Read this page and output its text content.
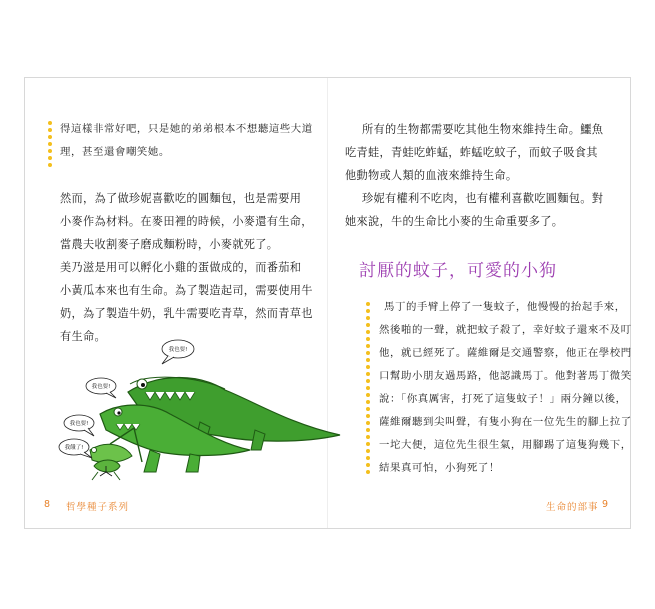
得這樣非常好吧，只是她的弟弟根本不想聽這些大道
理，甚至還會嘲笑她。
然而，為了做珍妮喜歡吃的圓麵包，也是需要用
小麥作為材料。在麥田裡的時候，小麥還有生命，
當農夫收割麥子磨成麵粉時，小麥就死了。
美乃滋是用可以孵化小雞的蛋做成的，而番茄和
小黃瓜本來也有生命。為了製造起司，需要使用牛
奶，為了製造牛奶，乳牛需要吃青草，然而青草也
有生命。
我也要!
我也要!
我也要!
我餓了!
8 哲學種子系列
所有的生物都需要吃其他生物來維持生命。鱷魚
吃青蛙，青蛙吃蚱蜢，蚱蜢吃蚊子，而蚊子吸食其
他動物或人類的血液來維持生命。
珍妮有權利不吃肉，也有權利喜歡吃圓麵包。對
她來說，牛的生命比小麥的生命重要多了。
討厭的蚊子，可愛的小狗
馬丁的手臂上停了一隻蚊子，他慢慢的抬起手來，
然後啪的一聲，就把蚊子殺了，幸好蚊子還來不及叮
他，就已經死了。薩維爾是交通警察，他正在學校門
口幫助小朋友過馬路，他認識馬丁。他對著馬丁微笑
說：「你真厲害，打死了這隻蚊子！」兩分鐘以後，
薩維爾聽到尖叫聲，有隻小狗在一位先生的腳上拉了
一坨大便，這位先生很生氣，用腳踢了這隻狗幾下，
結果真可怕，小狗死了！
生命的部事 9
